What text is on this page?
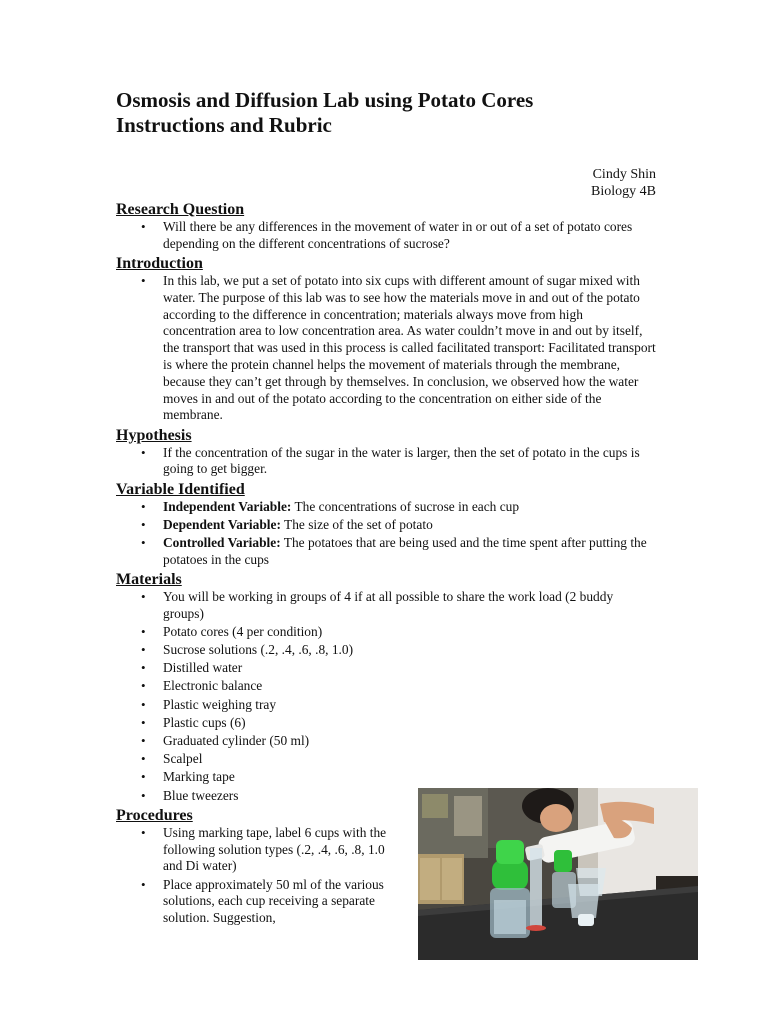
Osmosis and Diffusion Lab using Potato Cores
Instructions and Rubric
Cindy Shin
Biology 4B
Research Question
• Will there be any differences in the movement of water in or out of a set of potato cores depending on the different concentrations of sucrose?
Introduction
• In this lab, we put a set of potato into six cups with different amount of sugar mixed with water. The purpose of this lab was to see how the materials move in and out of the potato according to the difference in concentration; materials always move from high concentration area to low concentration area. As water couldn’t move in and out by itself, the transport that was used in this process is called facilitated transport: Facilitated transport is where the protein channel helps the movement of materials through the membrane, because they can’t get through by themselves. In conclusion, we observed how the water moves in and out of the potato according to the concentration on either side of the membrane.
Hypothesis
• If the concentration of the sugar in the water is larger, then the set of potato in the cups is going to get bigger.
Variable Identified
• Independent Variable: The concentrations of sucrose in each cup
• Dependent Variable: The size of the set of potato
• Controlled Variable: The potatoes that are being used and the time spent after putting the potatoes in the cups
Materials
• You will be working in groups of 4 if at all possible to share the work load (2 buddy groups)
• Potato cores (4 per condition)
• Sucrose solutions (.2, .4, .6, .8, 1.0)
• Distilled water
• Electronic balance
• Plastic weighing tray
• Plastic cups (6)
• Graduated cylinder (50 ml)
• Scalpel
• Marking tape
• Blue tweezers
Procedures
• Using marking tape, label 6 cups with the following solution types (.2, .4, .6, .8, 1.0 and Di water)
• Place approximately 50 ml of the various solutions, each cup receiving a separate solution. Suggestion,
